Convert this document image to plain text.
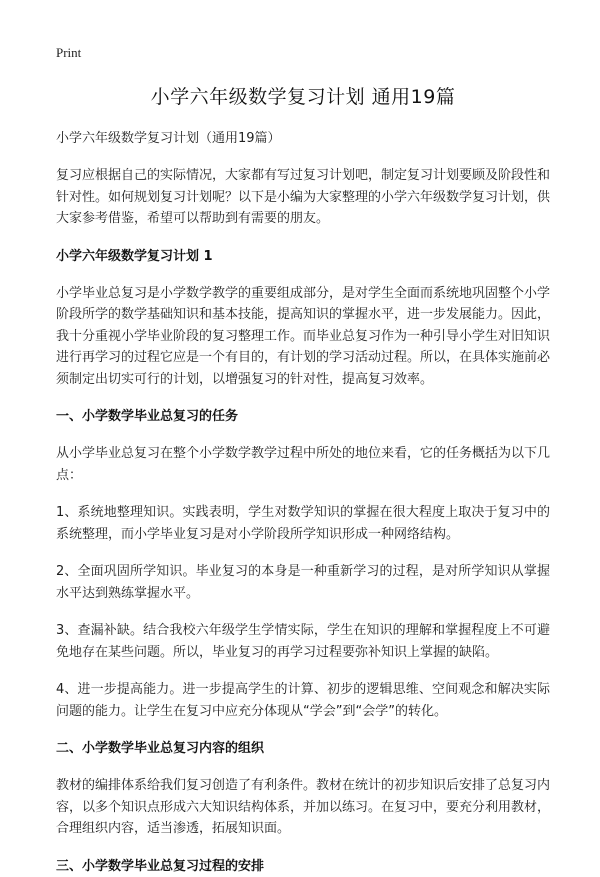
Print
小学六年级数学复习计划 通用19篇
小学六年级数学复习计划（通用19篇）

复习应根据自己的实际情况，大家都有写过复习计划吧，制定复习计划要顾及阶段性和针对性。如何规划复习计划呢？以下是小编为大家整理的小学六年级数学复习计划，供大家参考借鉴，希望可以帮助到有需要的朋友。

小学六年级数学复习计划 1

小学毕业总复习是小学数学教学的重要组成部分，是对学生全面而系统地巩固整个小学阶段所学的数学基础知识和基本技能，提高知识的掌握水平，进一步发展能力。因此，我十分重视小学毕业阶段的复习整理工作。而毕业总复习作为一种引导小学生对旧知识进行再学习的过程它应是一个有目的，有计划的学习活动过程。所以，在具体实施前必须制定出切实可行的计划，以增强复习的针对性，提高复习效率。

一、小学数学毕业总复习的任务

从小学毕业总复习在整个小学数学教学过程中所处的地位来看，它的任务概括为以下几点：

1、系统地整理知识。实践表明，学生对数学知识的掌握在很大程度上取决于复习中的系统整理，而小学毕业复习是对小学阶段所学知识形成一种网络结构。

2、全面巩固所学知识。毕业复习的本身是一种重新学习的过程，是对所学知识从掌握水平达到熟练掌握水平。

3、查漏补缺。结合我校六年级学生学情实际，学生在知识的理解和掌握程度上不可避免地存在某些问题。所以，毕业复习的再学习过程要弥补知识上掌握的缺陷。

4、进一步提高能力。进一步提高学生的计算、初步的逻辑思维、空间观念和解决实际问题的能力。让学生在复习中应充分体现从“学会”到“会学”的转化。

二、小学数学毕业总复习内容的组织

教材的编排体系给我们复习创造了有利条件。教材在统计的初步知识后安排了总复习内容，以多个知识点形成六大知识结构体系，并加以练习。在复习中，要充分利用教材，合理组织内容，适当渗透，拓展知识面。

三、小学数学毕业总复习过程的安排
